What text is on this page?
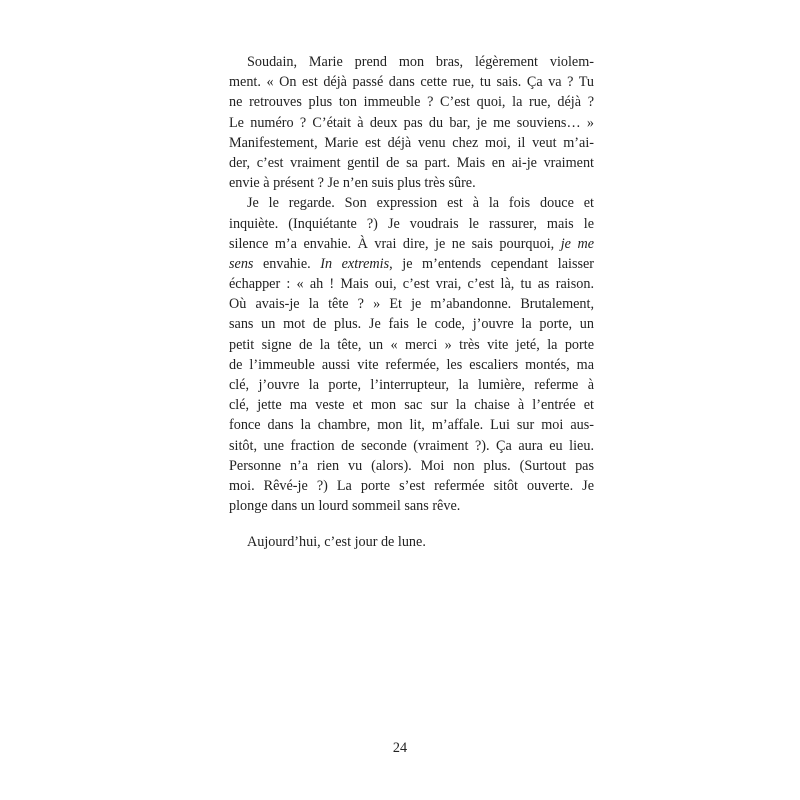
Soudain, Marie prend mon bras, légèrement violem-
ment. « On est déjà passé dans cette rue, tu sais. Ça va ? Tu
ne retrouves plus ton immeuble ? C’est quoi, la rue, déjà ?
Le numéro ? C’était à deux pas du bar, je me souviens… »
Manifestement, Marie est déjà venu chez moi, il veut m’ai-
der, c’est vraiment gentil de sa part. Mais en ai-je vraiment
envie à présent ? Je n’en suis plus très sûre.
Je le regarde. Son expression est à la fois douce et
inquiète. (Inquiétante ?) Je voudrais le rassurer, mais le
silence m’a envahie. À vrai dire, je ne sais pourquoi, je me
sens envahie. In extremis, je m’entends cependant laisser
échapper : « ah ! Mais oui, c’est vrai, c’est là, tu as raison.
Où avais-je la tête ? » Et je m’abandonne. Brutalement,
sans un mot de plus. Je fais le code, j’ouvre la porte, un
petit signe de la tête, un « merci » très vite jeté, la porte
de l’immeuble aussi vite refermée, les escaliers montés, ma
clé, j’ouvre la porte, l’interrupteur, la lumière, referme à
clé, jette ma veste et mon sac sur la chaise à l’entrée et
fonce dans la chambre, mon lit, m’affale. Lui sur moi aus-
sitôt, une fraction de seconde (vraiment ?). Ça aura eu lieu.
Personne n’a rien vu (alors). Moi non plus. (Surtout pas
moi. Rêvé-je ?) La porte s’est refermée sitôt ouverte. Je
plonge dans un lourd sommeil sans rêve.
Aujourd’hui, c’est jour de lune.
24
